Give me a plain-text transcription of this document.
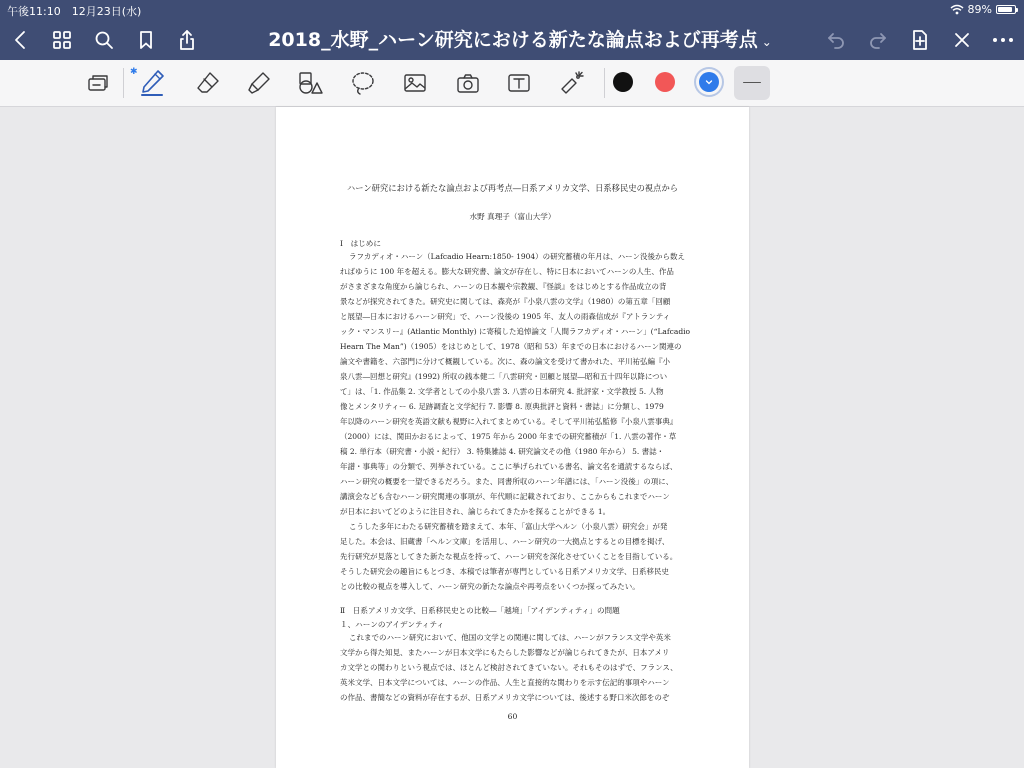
午後11:10　12月23日(水)	89%
2018_水野_ハーン研究における新たな論点および再考点 ⌄
✱
ハーン研究における新たな論点および再考点―日系アメリカ文学、日系移民史の視点から
水野 真理子（富山大学）
Ⅰ　はじめに
ラフカディオ・ハーン（Lafcadio Hearn:1850- 1904）の研究蓄積の年月は、ハーン没後から数え
ればゆうに 100 年を超える。膨大な研究書、論文が存在し、特に日本においてハーンの人生、作品
がさまざまな角度から論じられ、ハーンの日本観や宗教観、『怪談』をはじめとする作品成立の背
景などが探究されてきた。研究史に関しては、森亮が『小泉八雲の文学』（1980）の第五章「回顧
と展望―日本におけるハーン研究」で、ハーン没後の 1905 年、友人の雨森信成が『アトランティ
ック・マンスリー』(Atlantic Monthly) に寄稿した追悼論文「人間ラフカディオ・ハーン」(“Lafcadio
Hearn The Man”)（1905）をはじめとして、1978（昭和 53）年までの日本におけるハーン関連の
論文や書籍を、六部門に分けて概観している。次に、森の論文を受けて書かれた、平川祐弘編『小
泉八雲―回想と研究』(1992) 所収の銭本健二「八雲研究・回顧と展望―昭和五十四年以降につい
て」は、「1. 作品集 2. 文学者としての小泉八雲 3. 八雲の日本研究 4. 批評家・文学教授 5. 人物
像とメンタリティー 6. 足跡調査と文学紀行 7. 影響 8. 原典批評と資料・書誌」に分類し、1979
年以降のハーン研究を英語文献も視野に入れてまとめている。そして平川祐弘監修『小泉八雲事典』
（2000）には、関田かおるによって、1975 年から 2000 年までの研究蓄積が「1. 八雲の著作・草
稿 2. 単行本（研究書・小説・紀行） 3. 特集雑誌 4. 研究論文その他（1980 年から） 5. 書誌・
年譜・事典等」の分類で、列挙されている。ここに挙げられている書名、論文名を通読するならば、
ハーン研究の概要を一望できるだろう。また、同書所収のハーン年譜には、「ハーン没後」の項に、
講演会なども含むハーン研究関連の事項が、年代順に記載されており、ここからもこれまでハーン
が日本においてどのように注目され、論じられてきたかを探ることができる 1。
こうした多年にわたる研究蓄積を踏まえて、本年、「富山大学ヘルン（小泉八雲）研究会」が発
足した。本会は、旧蔵書「ヘルン文庫」を活用し、ハーン研究の一大拠点とするとの目標を掲げ、
先行研究が見落としてきた新たな視点を持って、ハーン研究を深化させていくことを目指している。
そうした研究会の趣旨にもとづき、本稿では筆者が専門としている日系アメリカ文学、日系移民史
との比較の視点を導入して、ハーン研究の新たな論点や再考点をいくつか探ってみたい。
Ⅱ　日系アメリカ文学、日系移民史との比較―「越境」「アイデンティティ」の問題
１、ハーンのアイデンティティ
これまでのハーン研究において、他国の文学との関連に関しては、ハーンがフランス文学や英米
文学から得た知見、またハーンが日本文学にもたらした影響などが論じられてきたが、日本アメリ
カ文学との関わりという視点では、ほとんど検討されてきていない。それもそのはずで、フランス、
英米文学、日本文学については、ハーンの作品、人生と直接的な関わりを示す伝記的事項やハーン
の作品、書簡などの資料が存在するが、日系アメリカ文学については、後述する野口米次郎をのぞ
60
